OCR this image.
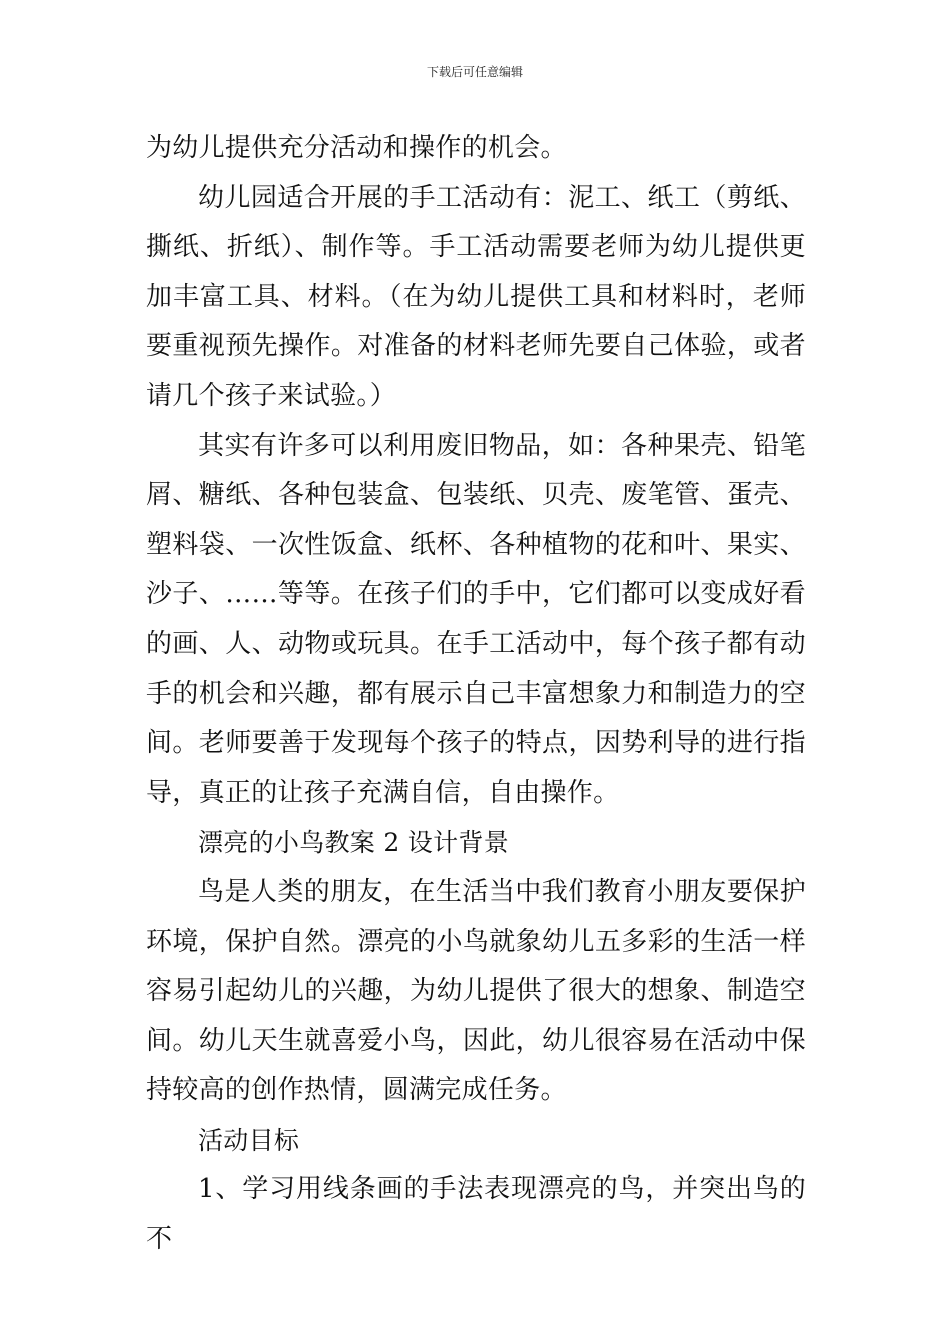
下载后可任意编辑

为幼儿提供充分活动和操作的机会。

幼儿园适合开展的手工活动有：泥工、纸工（剪纸、撕纸、折纸）、制作等。手工活动需要老师为幼儿提供更加丰富工具、材料。（在为幼儿提供工具和材料时，老师要重视预先操作。对准备的材料老师先要自己体验，或者请几个孩子来试验。）

其实有许多可以利用废旧物品，如：各种果壳、铅笔屑、糖纸、各种包装盒、包装纸、贝壳、废笔管、蛋壳、塑料袋、一次性饭盒、纸杯、各种植物的花和叶、果实、沙子、……等等。在孩子们的手中，它们都可以变成好看的画、人、动物或玩具。在手工活动中，每个孩子都有动手的机会和兴趣，都有展示自己丰富想象力和制造力的空间。老师要善于发现每个孩子的特点，因势利导的进行指导，真正的让孩子充满自信，自由操作。

漂亮的小鸟教案 2 设计背景

鸟是人类的朋友，在生活当中我们教育小朋友要保护环境，保护自然。漂亮的小鸟就象幼儿五多彩的生活一样容易引起幼儿的兴趣，为幼儿提供了很大的想象、制造空间。幼儿天生就喜爱小鸟，因此，幼儿很容易在活动中保持较高的创作热情，圆满完成任务。

活动目标

1、学习用线条画的手法表现漂亮的鸟，并突出鸟的不
